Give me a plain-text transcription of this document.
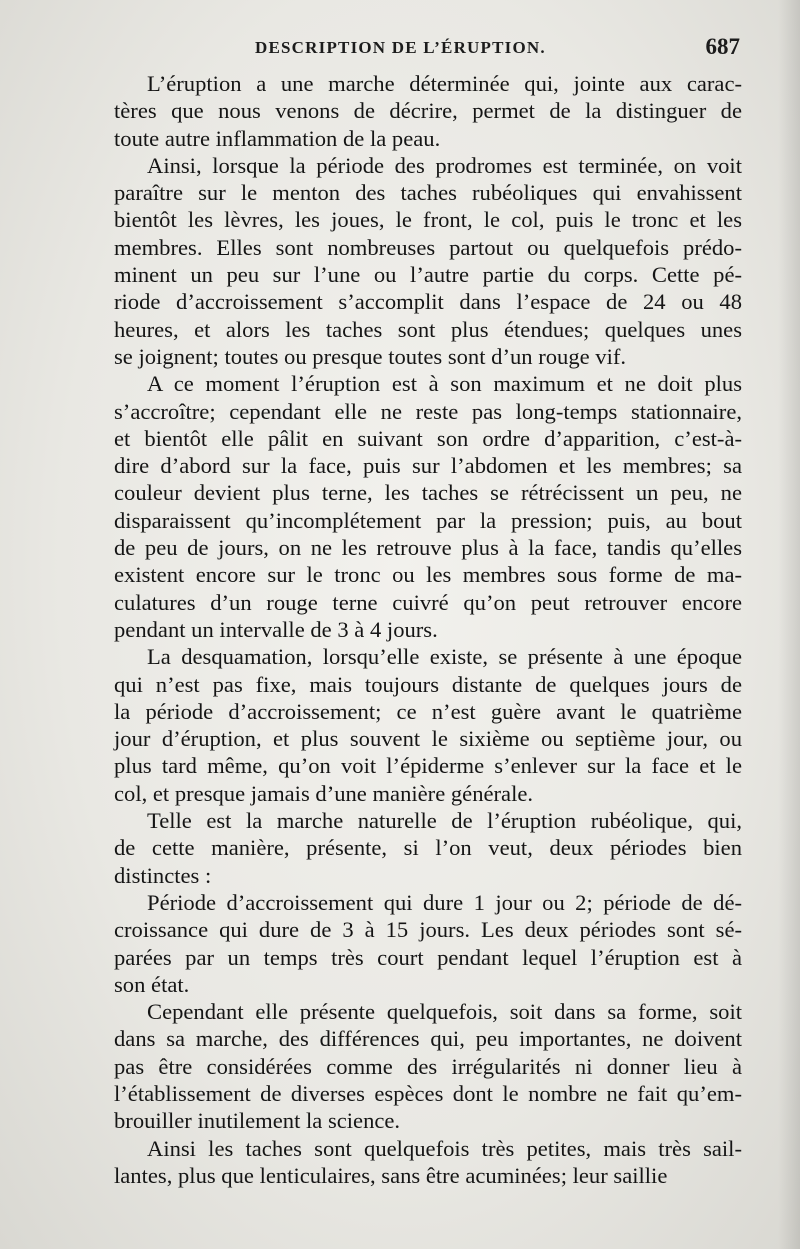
DESCRIPTION DE L’ÉRUPTION.	687

L’éruption a une marche déterminée qui, jointe aux carac-
tères que nous venons de décrire, permet de la distinguer de
toute autre inflammation de la peau.

Ainsi, lorsque la période des prodromes est terminée, on voit
paraître sur le menton des taches rubéoliques qui envahissent
bientôt les lèvres, les joues, le front, le col, puis le tronc et les
membres. Elles sont nombreuses partout ou quelquefois prédo-
minent un peu sur l’une ou l’autre partie du corps. Cette pé-
riode d’accroissement s’accomplit dans l’espace de 24 ou 48
heures, et alors les taches sont plus étendues; quelques unes
se joignent; toutes ou presque toutes sont d’un rouge vif.

A ce moment l’éruption est à son maximum et ne doit plus
s’accroître; cependant elle ne reste pas long-temps stationnaire,
et bientôt elle pâlit en suivant son ordre d’apparition, c’est-à-
dire d’abord sur la face, puis sur l’abdomen et les membres; sa
couleur devient plus terne, les taches se rétrécissent un peu, ne
disparaissent qu’incomplétement par la pression; puis, au bout
de peu de jours, on ne les retrouve plus à la face, tandis qu’elles
existent encore sur le tronc ou les membres sous forme de ma-
culatures d’un rouge terne cuivré qu’on peut retrouver encore
pendant un intervalle de 3 à 4 jours.

La desquamation, lorsqu’elle existe, se présente à une époque
qui n’est pas fixe, mais toujours distante de quelques jours de
la période d’accroissement; ce n’est guère avant le quatrième
jour d’éruption, et plus souvent le sixième ou septième jour, ou
plus tard même, qu’on voit l’épiderme s’enlever sur la face et le
col, et presque jamais d’une manière générale.

Telle est la marche naturelle de l’éruption rubéolique, qui,
de cette manière, présente, si l’on veut, deux périodes bien
distinctes :

Période d’accroissement qui dure 1 jour ou 2; période de dé-
croissance qui dure de 3 à 15 jours. Les deux périodes sont sé-
parées par un temps très court pendant lequel l’éruption est à
son état.

Cependant elle présente quelquefois, soit dans sa forme, soit
dans sa marche, des différences qui, peu importantes, ne doivent
pas être considérées comme des irrégularités ni donner lieu à
l’établissement de diverses espèces dont le nombre ne fait qu’em-
brouiller inutilement la science.

Ainsi les taches sont quelquefois très petites, mais très sail-
lantes, plus que lenticulaires, sans être acuminées; leur saillie
